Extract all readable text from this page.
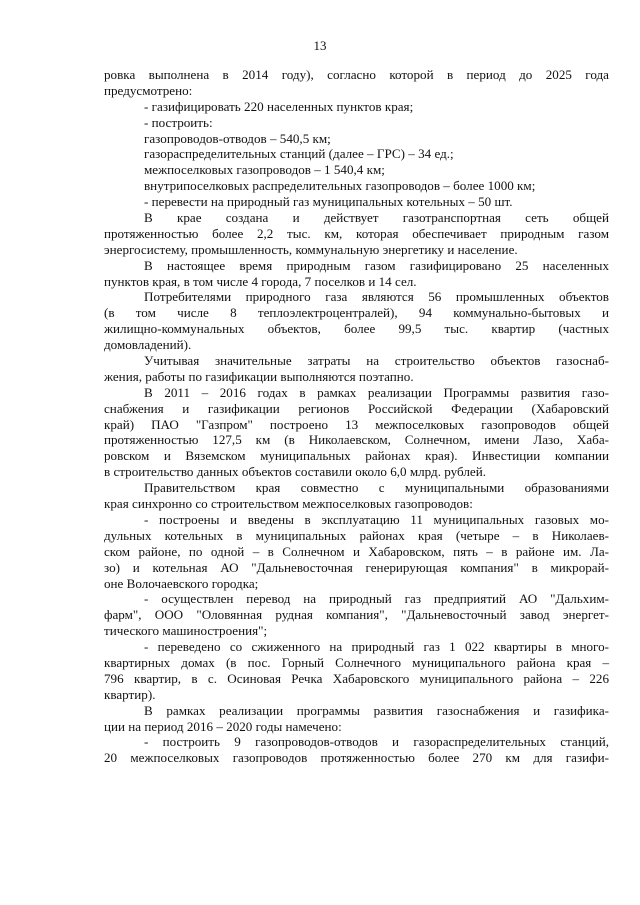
13
ровка выполнена в 2014 году), согласно которой в период до 2025 года
предусмотрено:
- газифицировать 220 населенных пунктов края;
- построить:
газопроводов-отводов – 540,5 км;
газораспределительных станций (далее – ГРС) – 34 ед.;
межпоселковых газопроводов – 1 540,4 км;
внутрипоселковых распределительных газопроводов – более 1000 км;
- перевести на природный газ муниципальных котельных – 50 шт.
В крае создана и действует газотранспортная сеть общей
протяженностью более 2,2 тыс. км, которая обеспечивает природным газом
энергосистему, промышленность, коммунальную энергетику и население.
В настоящее время природным газом газифицировано 25 населенных
пунктов края, в том числе 4 города, 7 поселков и 14 сел.
Потребителями природного газа являются 56 промышленных объектов
(в том числе 8 теплоэлектроцентралей), 94 коммунально-бытовых и
жилищно-коммунальных объектов, более 99,5 тыс. квартир (частных
домовладений).
Учитывая значительные затраты на строительство объектов газоснаб-
жения, работы по газификации выполняются поэтапно.
В 2011 – 2016 годах в рамках реализации Программы развития газо-
снабжения и газификации регионов Российской Федерации (Хабаровский
край) ПАО "Газпром" построено 13 межпоселковых газопроводов общей
протяженностью 127,5 км (в Николаевском, Солнечном, имени Лазо, Хаба-
ровском и Вяземском муниципальных районах края). Инвестиции компании
в строительство данных объектов составили около 6,0 млрд. рублей.
Правительством края совместно с муниципальными образованиями
края синхронно со строительством межпоселковых газопроводов:
- построены и введены в эксплуатацию 11 муниципальных газовых мо-
дульных котельных в муниципальных районах края (четыре – в Николаев-
ском районе, по одной – в Солнечном и Хабаровском, пять – в районе им. Ла-
зо) и котельная АО "Дальневосточная генерирующая компания" в микрорай-
оне Волочаевского городка;
- осуществлен перевод на природный газ предприятий АО "Дальхим-
фарм", ООО "Оловянная рудная компания", "Дальневосточный завод энергет-
тического машиностроения";
- переведено со сжиженного на природный газ 1 022 квартиры в много-
квартирных домах (в пос. Горный Солнечного муниципального района края –
796 квартир, в с. Осиновая Речка Хабаровского муниципального района – 226
квартир).
В рамках реализации программы развития газоснабжения и газифика-
ции на период 2016 – 2020 годы намечено:
- построить 9 газопроводов-отводов и газораспределительных станций,
20 межпоселковых газопроводов протяженностью более 270 км для газифи-
